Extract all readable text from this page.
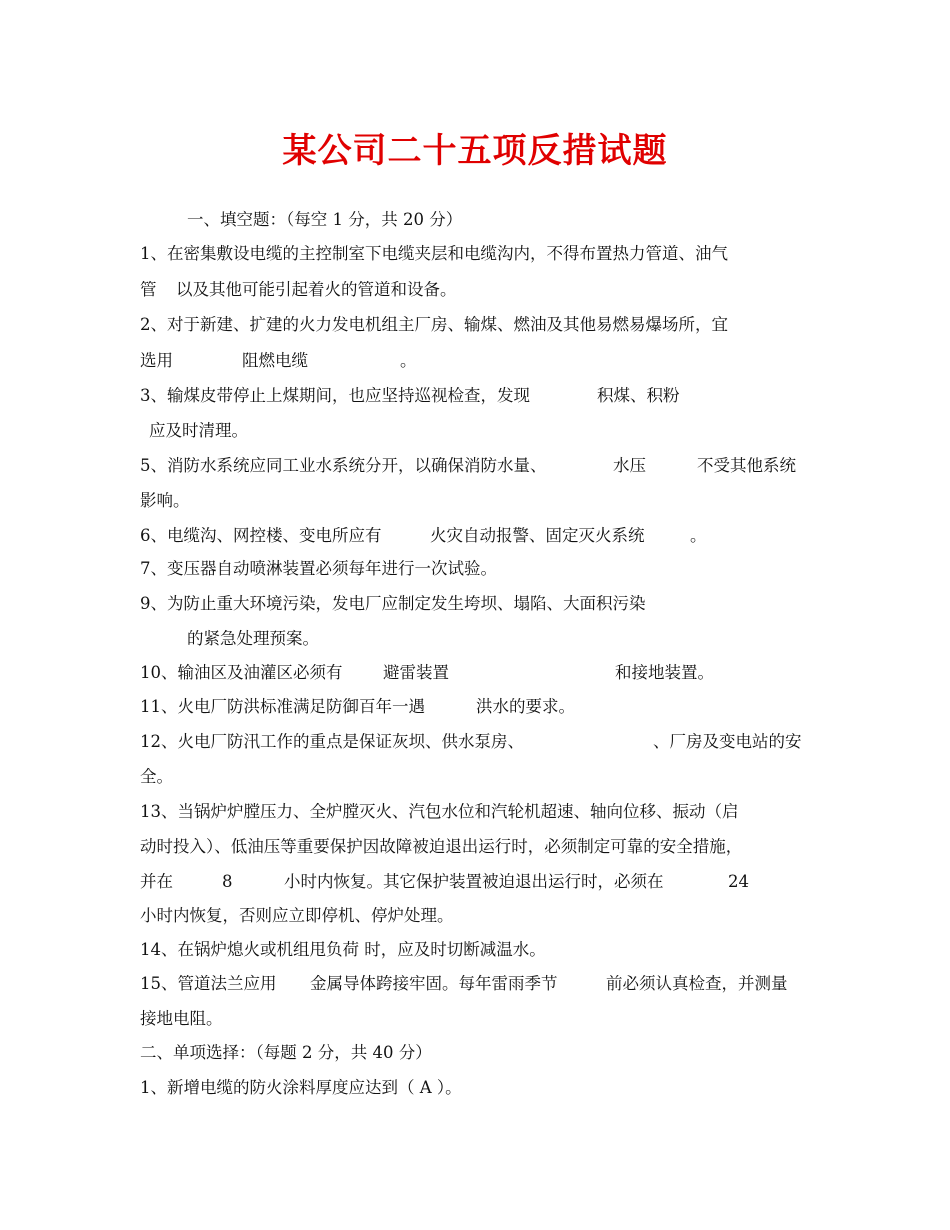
某公司二十五项反措试题

一、填空题：（每空 1 分，共 20 分）

1、在密集敷设电缆的主控制室下电缆夹层和电缆沟内，不得布置热力管道、油气

管

以及其他可能引起着火的管道和设备。

2、对于新建、扩建的火力发电机组主厂房、输煤、燃油及其他易燃易爆场所，宜

选用

	阻燃电缆

	。

3、输煤皮带停止上煤期间，也应坚持巡视检查，发现

	积煤、积粉

应及时清理。

5、消防水系统应同工业水系统分开，以确保消防水量、

	水压

	不受其他系统

影响。

6、电缆沟、网控楼、变电所应有

	火灾自动报警、固定灭火系统

	。

7、变压器自动喷淋装置必须每年进行一次试验。

9、为防止重大环境污染，发电厂应制定发生垮坝、塌陷、大面积污染

的紧急处理预案。

10、输油区及油灌区必须有

避雷装置

	和接地装置。

11、火电厂防洪标准满足防御百年一遇

	洪水的要求。

12、火电厂防汛工作的重点是保证灰坝、供水泵房、

	、厂房及变电站的安

全。

13、当锅炉炉膛压力、全炉膛灭火、汽包水位和汽轮机超速、轴向位移、振动（启

动时投入）、低油压等重要保护因故障被迫退出运行时，必须制定可靠的安全措施，

并在

	8

	小时内恢复。其它保护装置被迫退出运行时，必须在

	24

小时内恢复，否则应立即停机、停炉处理。

14、在锅炉熄火或机组甩负荷 时，应及时切断减温水。

15、管道法兰应用

金属导体跨接牢固。每年雷雨季节

	前必须认真检查，并测量

接地电阻。

二、单项选择：（每题 2 分，共 40 分）

1、新增电缆的防火涂料厚度应达到（ A ）。
